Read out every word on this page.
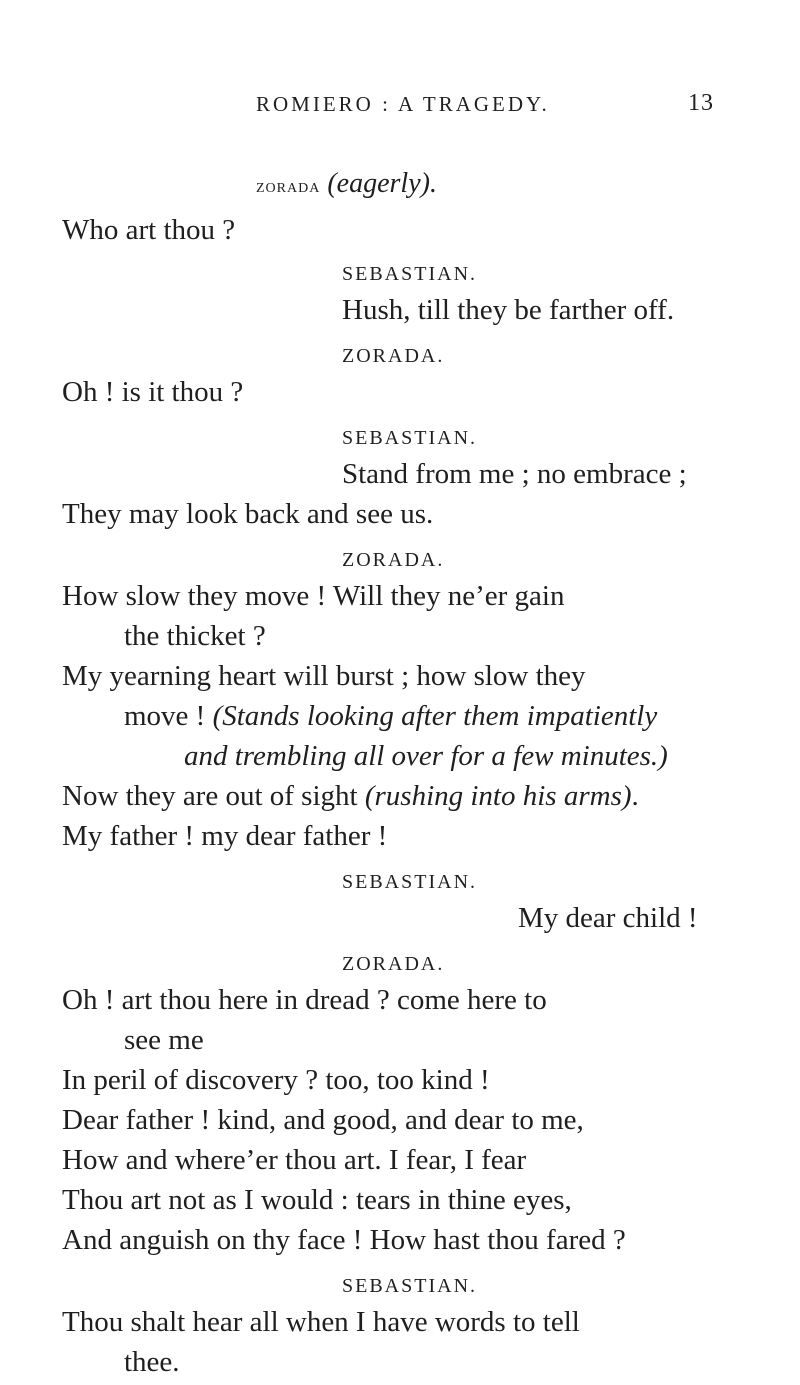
ROMIERO : A TRAGEDY.	13
zorada (eagerly).
Who art thou ?
SEBASTIAN.
Hush, till they be farther off.
ZORADA.
Oh ! is it thou ?
SEBASTIAN.
Stand from me ; no embrace ;
They may look back and see us.
ZORADA.
How slow they move ! Will they ne’er gain
the thicket ?
My yearning heart will burst ; how slow they
move ! (Stands looking after them impatiently
and trembling all over for a few minutes.)
Now they are out of sight (rushing into his arms).
My father ! my dear father !
SEBASTIAN.
My dear child !
ZORADA.
Oh ! art thou here in dread ? come here to
see me
In peril of discovery ? too, too kind !
Dear father ! kind, and good, and dear to me,
How and where’er thou art. I fear, I fear
Thou art not as I would : tears in thine eyes,
And anguish on thy face ! How hast thou fared ?
SEBASTIAN.
Thou shalt hear all when I have words to tell
thee.
